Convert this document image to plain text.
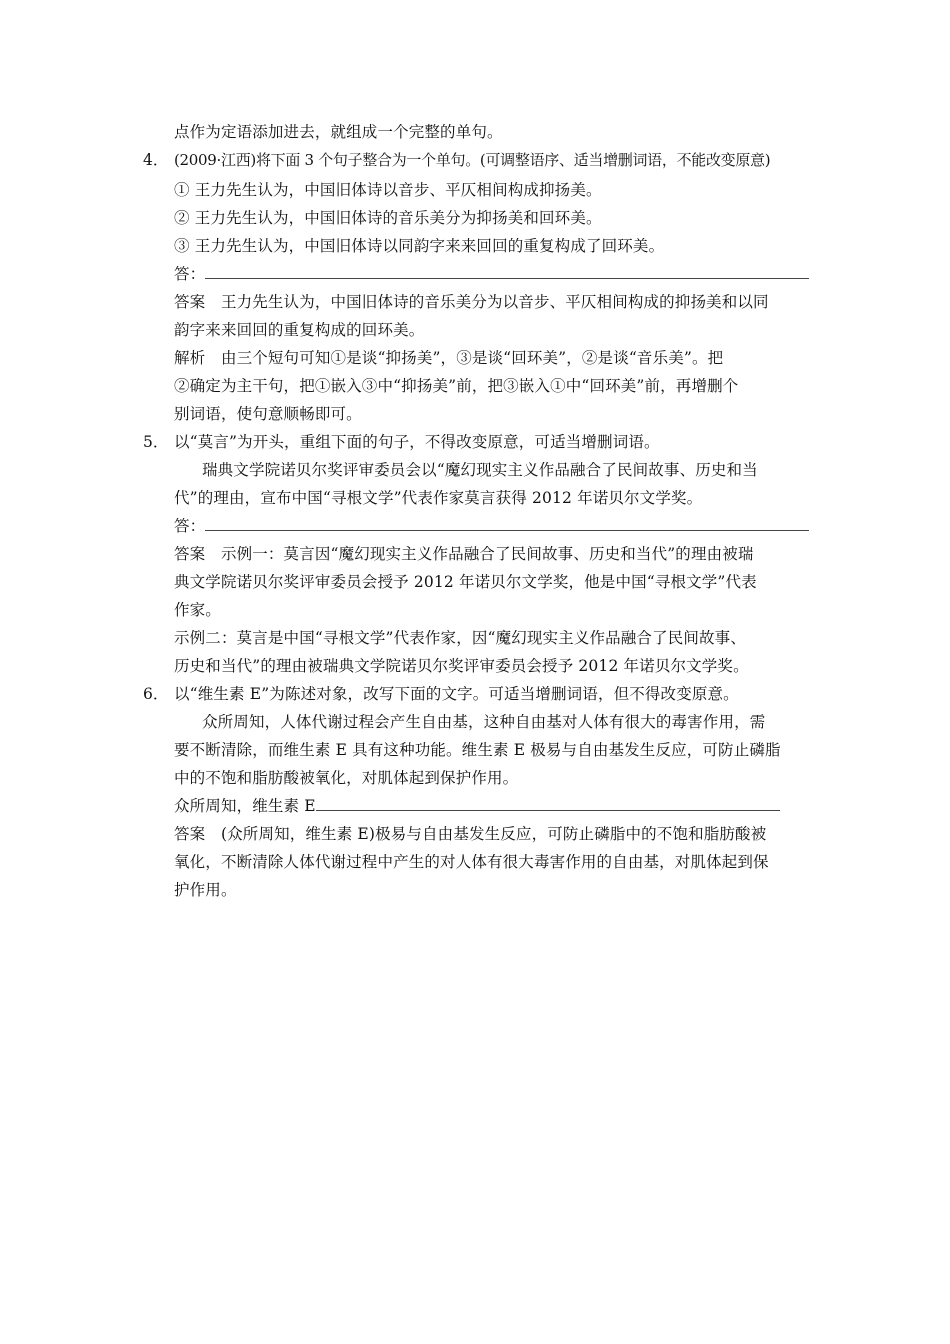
点作为定语添加进去，就组成一个完整的单句。
4． (2009·江西)将下面 3 个句子整合为一个单句。(可调整语序、适当增删词语，不能改变原意)
① 王力先生认为，中国旧体诗以音步、平仄相间构成抑扬美。
② 王力先生认为，中国旧体诗的音乐美分为抑扬美和回环美。
③ 王力先生认为，中国旧体诗以同韵字来来回回的重复构成了回环美。
答：
答案　王力先生认为，中国旧体诗的音乐美分为以音步、平仄相间构成的抑扬美和以同
韵字来来回回的重复构成的回环美。
解析　由三个短句可知①是谈“抑扬美”，③是谈“回环美”，②是谈“音乐美”。把
②确定为主干句，把①嵌入③中“抑扬美”前，把③嵌入①中“回环美”前，再增删个
别词语，使句意顺畅即可。
5． 以“莫言”为开头，重组下面的句子，不得改变原意，可适当增删词语。
瑞典文学院诺贝尔奖评审委员会以“魔幻现实主义作品融合了民间故事、历史和当
代”的理由，宣布中国“寻根文学”代表作家莫言获得 2012 年诺贝尔文学奖。
答：
答案　示例一：莫言因“魔幻现实主义作品融合了民间故事、历史和当代”的理由被瑞
典文学院诺贝尔奖评审委员会授予 2012 年诺贝尔文学奖，他是中国“寻根文学”代表
作家。
示例二：莫言是中国“寻根文学”代表作家，因“魔幻现实主义作品融合了民间故事、
历史和当代”的理由被瑞典文学院诺贝尔奖评审委员会授予 2012 年诺贝尔文学奖。
6． 以“维生素 E”为陈述对象，改写下面的文字。可适当增删词语，但不得改变原意。
众所周知，人体代谢过程会产生自由基，这种自由基对人体有很大的毒害作用，需
要不断清除，而维生素 E 具有这种功能。维生素 E 极易与自由基发生反应，可防止磷脂
中的不饱和脂肪酸被氧化，对肌体起到保护作用。
众所周知，维生素 E
答案　(众所周知，维生素 E)极易与自由基发生反应，可防止磷脂中的不饱和脂肪酸被
氧化，不断清除人体代谢过程中产生的对人体有很大毒害作用的自由基，对肌体起到保
护作用。
